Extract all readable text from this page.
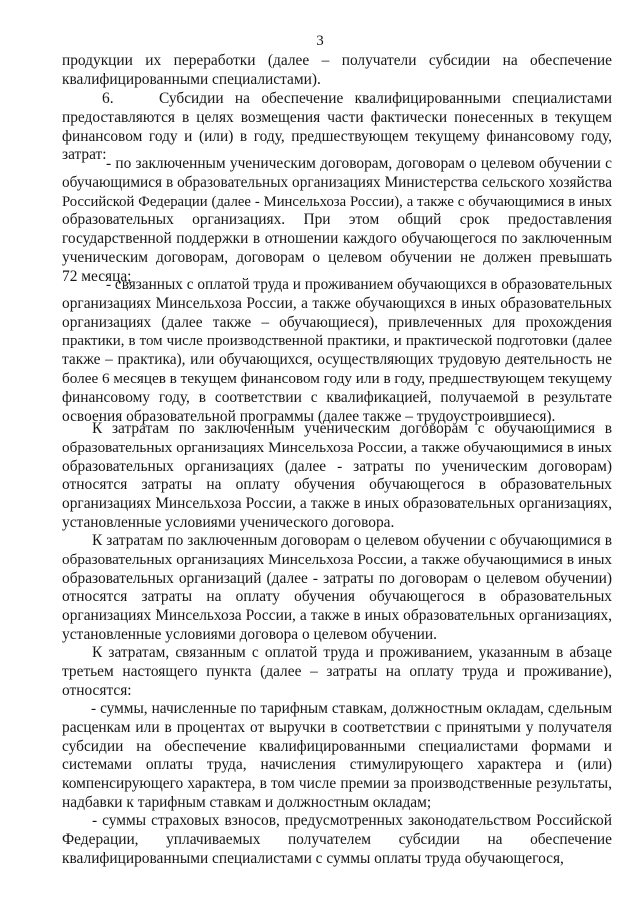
3
продукции их переработки (далее – получатели субсидии на обеспечение
квалифицированными специалистами).
6.    Субсидии на обеспечение квалифицированными специалистами
предоставляются в целях возмещения части фактически понесенных в текущем
финансовом году и (или) в году, предшествующем текущему финансовому году,
затрат:
- по заключенным ученическим договорам, договорам о целевом обучении с
обучающимися в образовательных организациях Министерства сельского хозяйства
Российской Федерации (далее - Минсельхоза России), а также с обучающимися в иных
образовательных организациях. При этом общий срок предоставления
государственной поддержки в отношении каждого обучающегося по заключенным
ученическим договорам, договорам о целевом обучении не должен превышать
72 месяца;
- связанных с оплатой труда и проживанием обучающихся в образовательных
организациях Минсельхоза России, а также обучающихся в иных образовательных
организациях (далее также – обучающиеся), привлеченных для прохождения
практики, в том числе производственной практики, и практической подготовки (далее
также – практика), или обучающихся, осуществляющих трудовую деятельность не
более 6 месяцев в текущем финансовом году или в году, предшествующем текущему
финансовому году, в соответствии с квалификацией, получаемой в результате
освоения образовательной программы (далее также – трудоустроившиеся).
К затратам по заключенным ученическим договорам с обучающимися в
образовательных организациях Минсельхоза России, а также обучающимися в иных
образовательных организациях (далее - затраты по ученическим договорам)
относятся затраты на оплату обучения обучающегося в образовательных
организациях Минсельхоза России, а также в иных образовательных организациях,
установленные условиями ученического договора.
К затратам по заключенным договорам о целевом обучении с обучающимися в
образовательных организациях Минсельхоза России, а также обучающимися в иных
образовательных организаций (далее - затраты по договорам о целевом обучении)
относятся затраты на оплату обучения обучающегося в образовательных
организациях Минсельхоза России, а также в иных образовательных организациях,
установленные условиями договора о целевом обучении.
К затратам, связанным с оплатой труда и проживанием, указанным в абзаце
третьем настоящего пункта (далее – затраты на оплату труда и проживание),
относятся:
- суммы, начисленные по тарифным ставкам, должностным окладам, сдельным
расценкам или в процентах от выручки в соответствии с принятыми у получателя
субсидии на обеспечение квалифицированными специалистами формами и
системами оплаты труда, начисления стимулирующего характера и (или)
компенсирующего характера, в том числе премии за производственные результаты,
надбавки к тарифным ставкам и должностным окладам;
- суммы страховых взносов, предусмотренных законодательством Российской
Федерации, уплачиваемых получателем субсидии на обеспечение
квалифицированными специалистами с суммы оплаты труда обучающегося,
